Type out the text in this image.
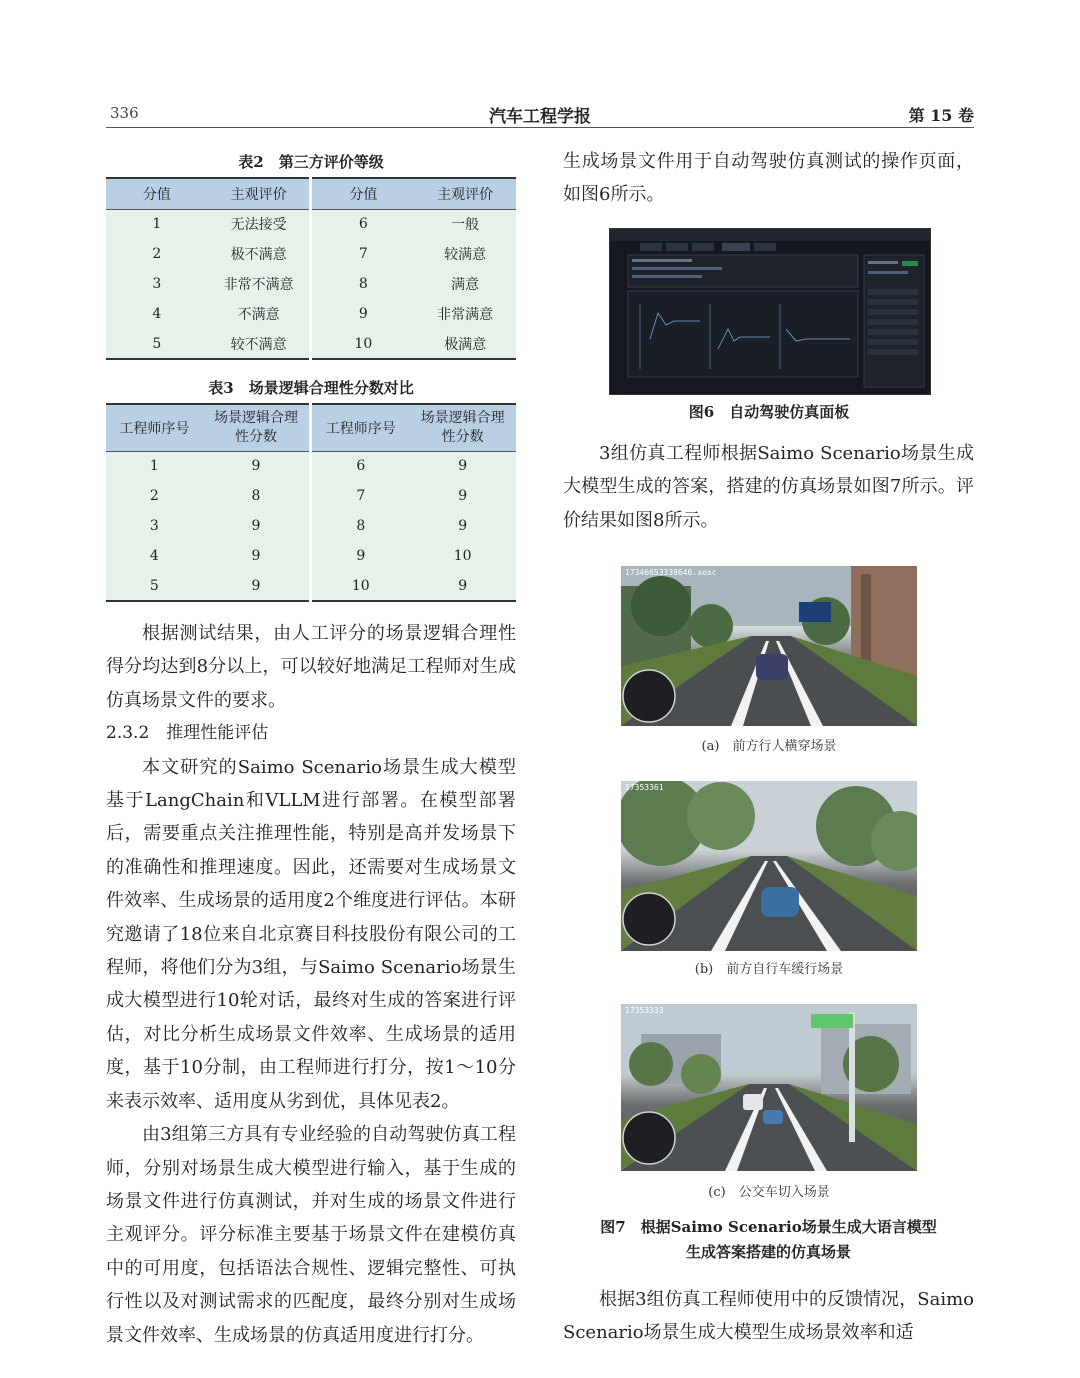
336	汽车工程学报	第 15 卷
表2　第三方评价等级
分值	主观评价	分值	主观评价
1	无法接受	6	一般
2	极不满意	7	较满意
3	非常不满意	8	满意
4	不满意	9	非常满意
5	较不满意	10	极满意
表3　场景逻辑合理性分数对比
工程师序号	场景逻辑合理性分数	工程师序号	场景逻辑合理性分数
1	9	6	9
2	8	7	9
3	9	8	9
4	9	9	10
5	9	10	9

根据测试结果，由人工评分的场景逻辑合理性得分均达到8分以上，可以较好地满足工程师对生成仿真场景文件的要求。

2.3.2　推理性能评估

本文研究的Saimo Scenario场景生成大模型基于LangChain和VLLM进行部署。在模型部署后，需要重点关注推理性能，特别是高并发场景下的准确性和推理速度。因此，还需要对生成场景文件效率、生成场景的适用度2个维度进行评估。本研究邀请了18位来自北京赛目科技股份有限公司的工程师，将他们分为3组，与Saimo Scenario场景生成大模型进行10轮对话，最终对生成的答案进行评估，对比分析生成场景文件效率、生成场景的适用度，基于10分制，由工程师进行打分，按1～10分来表示效率、适用度从劣到优，具体见表2。

由3组第三方具有专业经验的自动驾驶仿真工程师，分别对场景生成大模型进行输入，基于生成的场景文件进行仿真测试，并对生成的场景文件进行主观评分。评分标准主要基于场景文件在建模仿真中的可用度，包括语法合规性、逻辑完整性、可执行性以及对测试需求的匹配度，最终分别对生成场景文件效率、生成场景的仿真适用度进行打分。

生成场景文件用于自动驾驶仿真测试的操作页面，如图6所示。

图6　自动驾驶仿真面板

3组仿真工程师根据Saimo Scenario场景生成大模型生成的答案，搭建的仿真场景如图7所示。评价结果如图8所示。

17346653339646.xosc
(a)　前方行人横穿场景
17353361
(b)　前方自行车缓行场景
17353333
(c)　公交车切入场景
图7　根据Saimo Scenario场景生成大语言模型
生成答案搭建的仿真场景

根据3组仿真工程师使用中的反馈情况，Saimo Scenario场景生成大模型生成场景效率和适
